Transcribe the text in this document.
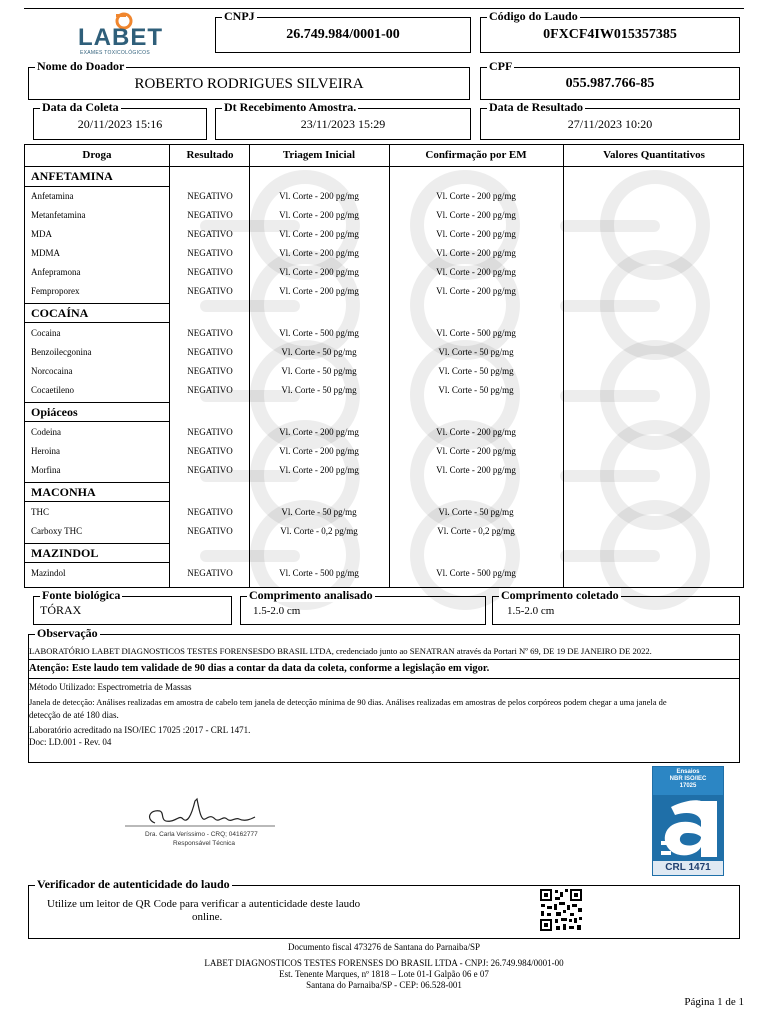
LABET
EXAMES TOXICOLÓGICOS
CNPJ
26.749.984/0001-00
Código do Laudo
0FXCF4IW015357385
Nome do Doador
ROBERTO RODRIGUES SILVEIRA
CPF
055.987.766-85
Data da Coleta
20/11/2023 15:16
Dt Recebimento Amostra.
23/11/2023 15:29
Data de Resultado
27/11/2023 10:20
Droga	Resultado	Triagem Inicial	Confirmação por EM	Valores Quantitativos
ANFETAMINA
Anfetamina	NEGATIVO	Vl. Corte - 200 pg/mg	Vl. Corte - 200 pg/mg
Metanfetamina	NEGATIVO	Vl. Corte - 200 pg/mg	Vl. Corte - 200 pg/mg
MDA	NEGATIVO	Vl. Corte - 200 pg/mg	Vl. Corte - 200 pg/mg
MDMA	NEGATIVO	Vl. Corte - 200 pg/mg	Vl. Corte - 200 pg/mg
Anfepramona	NEGATIVO	Vl. Corte - 200 pg/mg	Vl. Corte - 200 pg/mg
Femproporex	NEGATIVO	Vl. Corte - 200 pg/mg	Vl. Corte - 200 pg/mg
COCAÍNA
Cocaina	NEGATIVO	Vl. Corte - 500 pg/mg	Vl. Corte - 500 pg/mg
Benzoilecgonina	NEGATIVO	Vl. Corte - 50 pg/mg	Vl. Corte - 50 pg/mg
Norcocaina	NEGATIVO	Vl. Corte - 50 pg/mg	Vl. Corte - 50 pg/mg
Cocaetileno	NEGATIVO	Vl. Corte - 50 pg/mg	Vl. Corte - 50 pg/mg
Opiáceos
Codeina	NEGATIVO	Vl. Corte - 200 pg/mg	Vl. Corte - 200 pg/mg
Heroina	NEGATIVO	Vl. Corte - 200 pg/mg	Vl. Corte - 200 pg/mg
Morfina	NEGATIVO	Vl. Corte - 200 pg/mg	Vl. Corte - 200 pg/mg
MACONHA
THC	NEGATIVO	Vl. Corte - 50 pg/mg	Vl. Corte - 50 pg/mg
Carboxy THC	NEGATIVO	Vl. Corte - 0,2 pg/mg	Vl. Corte - 0,2 pg/mg
MAZINDOL
Mazindol	NEGATIVO	Vl. Corte - 500 pg/mg	Vl. Corte - 500 pg/mg
Fonte biológica
TÓRAX
Comprimento analisado
1.5-2.0 cm
Comprimento coletado
1.5-2.0 cm
Observação
LABORATÓRIO LABET DIAGNOSTICOS TESTES FORENSESDO BRASIL LTDA, credenciado junto ao SENATRAN através da Portari Nº 69, DE 19 DE JANEIRO DE 2022.
Atenção: Este laudo tem validade de 90 dias a contar da data da coleta, conforme a legislação em vigor.
Método Utilizado: Espectrometria de Massas
Janela de detecção: Análises realizadas em amostra de cabelo tem janela de detecção mínima de 90 dias. Análises realizadas em amostras de pelos corpóreos podem chegar a uma janela de
detecção de até 180 dias.
Laboratório acreditado na ISO/IEC 17025 :2017 - CRL 1471.
Doc: LD.001 - Rev. 04
Dra. Carla Veríssimo - CRQ; 04162777
Responsável Técnica
Ensaios
NBR ISO/IEC
17025
CRL 1471
Verificador de autenticidade do laudo
Utilize um leitor de QR Code para verificar a autenticidade deste laudo
online.
Documento fiscal 473276 de Santana do Parnaiba/SP
LABET DIAGNOSTICOS TESTES FORENSES DO BRASIL LTDA - CNPJ: 26.749.984/0001-00
Est. Tenente Marques, nº 1818 – Lote 01-I Galpão 06 e 07
Santana do Parnaiba/SP - CEP: 06.528-001
Página 1 de 1
